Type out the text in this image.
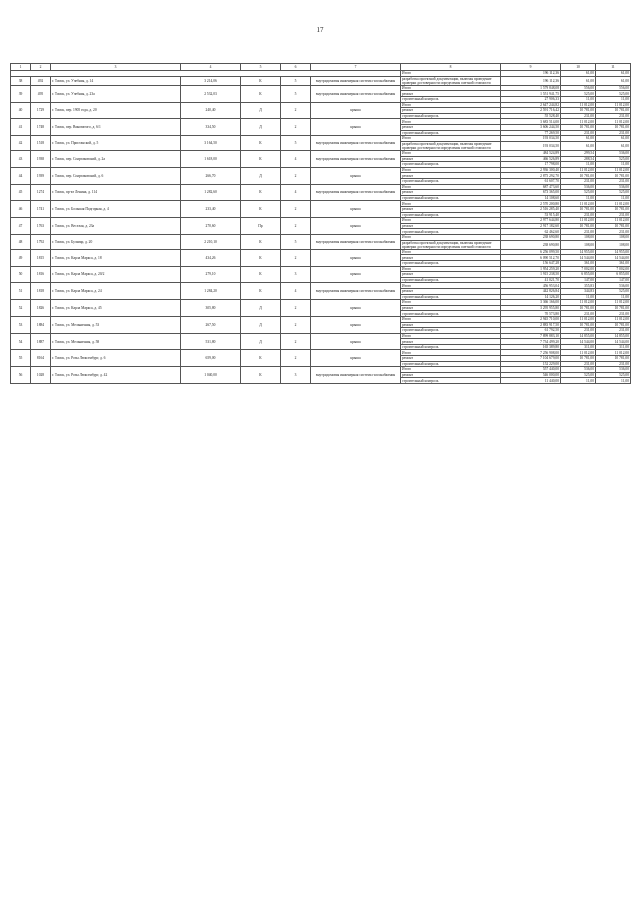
17
1	2	3	4	5	6	7	8	9	10	11
							Итого	196 112,36	61,00	61,00
38	492	г. Томск, ул. Учебная, д. 14	3 214,06	К	5	внутридомовая инженерная система газоснабжения	разработка проектной документации, включая проведение проверки достоверности определения сметной стоимости	196 112,36	61,00	61,00
39	495	г. Томск, ул. Учебная, д. 23а	2 532,03	К	5	внутридомовая инженерная система газоснабжения	Итого	1 579 848,08	556,00	556,00
							ремонт	1 551 941,75	525,00	525,00
							строительный контроль	27 906,33	11,00	11,00
40	1729	г. Томск, пер. 1905 года, д. 20	240,40	Д	2	крыша	Итого	2 647 244,82	11 012,00	11 012,00
							ремонт	2 591 716,42	10 781,00	10 781,00
							строительный контроль	55 528,40	231,00	231,00
41	1748	г. Томск, пер. Виноватого, д. 6/1	334,50	Д	2	крыша	Итого	3 683 514,00	11 012,00	11 012,00
							ремонт	3 606 244,50	10 781,00	10 781,00
							строительный контроль	77 269,50	231,00	231,00
42	1518	г. Томск, ул. Пристанской, д. 5	3 164,50	К	5	внутридомовая инженерная система газоснабжения	Итого	193 034,50	61,00	61,00
							разработка проектной документации, включая проведение проверки достоверности определения сметной стоимости	193 034,50	61,00	61,00
43	1938	г. Томск, пер. Спартаковский, д. 2а	1 618,00	К	4	внутридомовая инженерная система газоснабжения	Итого	484 524,89	299,54	536,00
							ремонт	466 526,89	288,54	525,00
							строительный контроль	17 798,00	11,00	11,00
44	1939	г. Томск, пер. Спартаковский, д. 6	266,70	Д	2	крыша	Итого	2 936 300,40	11 012,00	11 012,00
							ремонт	2 875 292,70	10 781,00	10 781,00
							строительный контроль	61 607,70	231,00	231,00
45	1274	г. Томск, пр-кт Ленина, д. 114	1 282,60	К	4	внутридомовая инженерная система газоснабжения	Итого	687 473,60	536,00	536,00
							ремонт	673 365,00	525,00	525,00
							строительный контроль	14 108,60	11,00	11,00
46	1741	г. Томск, ул. Большая Подгорная, д. 4	233,40	К	2	крыша	Итого	2 570 200,80	11 012,00	11 012,00
							ремонт	2 516 285,40	10 781,00	10 781,00
							строительный контроль	53 915,40	231,00	231,00
47	1763	г. Томск, ул. Веселая, д. 23а	270,60	Пр	2	крыша	Итого	2 977 644,80	11 012,00	11 012,00
							ремонт	2 917 182,60	10 781,00	10 781,00
							строительный контроль	62 462,60	231,00	231,00
48	1792	г. Томск, ул. Бульвар, д. 20	2 210,10	К	5	внутридомовая инженерная система газоснабжения	Итого	238 690,80	108,00	108,00
							разработка проектной документации, включая проведение проверки достоверности определения сметной стоимости	238 690,80	108,00	108,00
49	1815	г. Томск, ул. Карла Маркса, д. 18	434,26	К	2	крыша	Итого	6 256 099,50	14 955,00	14 955,00
							ремонт	6 090 512,70	14 544,00	14 544,00
							строительный контроль	156 647,28	361,00	361,00
50	1816	г. Томск, ул. Карла Маркса, д. 20/2	279,10	К	3	крыша	Итого	1 954 259,20	7 002,00	7 002,00
							ремонт	1 915 238,50	6 855,00	6 855,00
							строительный контроль	41 021,70	147,00	147,00
51	1818	г. Томск, ул. Карла Маркса, д. 24	1 284,20	К	4	внутридомовая инженерная система газоснабжения	Итого	456 953,04	355,83	536,00
							ремонт	442 826,84	344,83	525,00
							строительный контроль	14 126,20	11,00	11,00
52	1826	г. Томск, ул. Карла Маркса, д. 45	305,80	Д	2	крыша	Итого	3 366 166,00	11 012,00	11 012,00
							ремонт	3 295 955,80	10 781,00	10 781,00
							строительный контроль	70 573,80	231,00	231,00
53	1884	г. Томск, ул. Мельничная, д. 53	267,50	Д	2	крыша	Итого	2 945 710,00	11 012,00	11 012,00
							ремонт	2 883 917,50	10 781,00	10 781,00
							строительный контроль	61 792,50	231,00	231,00
54	1887	г. Томск, ул. Мельничная, д. 58	531,80	Д	2	крыша	Итого	7 899 883,10	14 855,00	14 855,00
							ремонт	7 734 499,20	14 544,00	14 544,00
							строительный контроль	165 389,80	311,00	311,00
55	8164	г. Томск, ул. Розы Люксембург, д. 6	659,00	К	2	крыша	Итого	7 256 908,00	11 012,00	11 012,00
							ремонт	7 104 679,00	10 781,00	10 781,00
							строительный контроль	152 229,00	231,00	231,00
56	1028	г. Томск, ул. Розы Люксембург, д. 42	1 040,00	К	3	внутридомовая инженерная система газоснабжения	Итого	557 440,00	536,00	536,00
							ремонт	546 000,00	525,00	525,00
							строительный контроль	11 440,00	11,00	11,00
